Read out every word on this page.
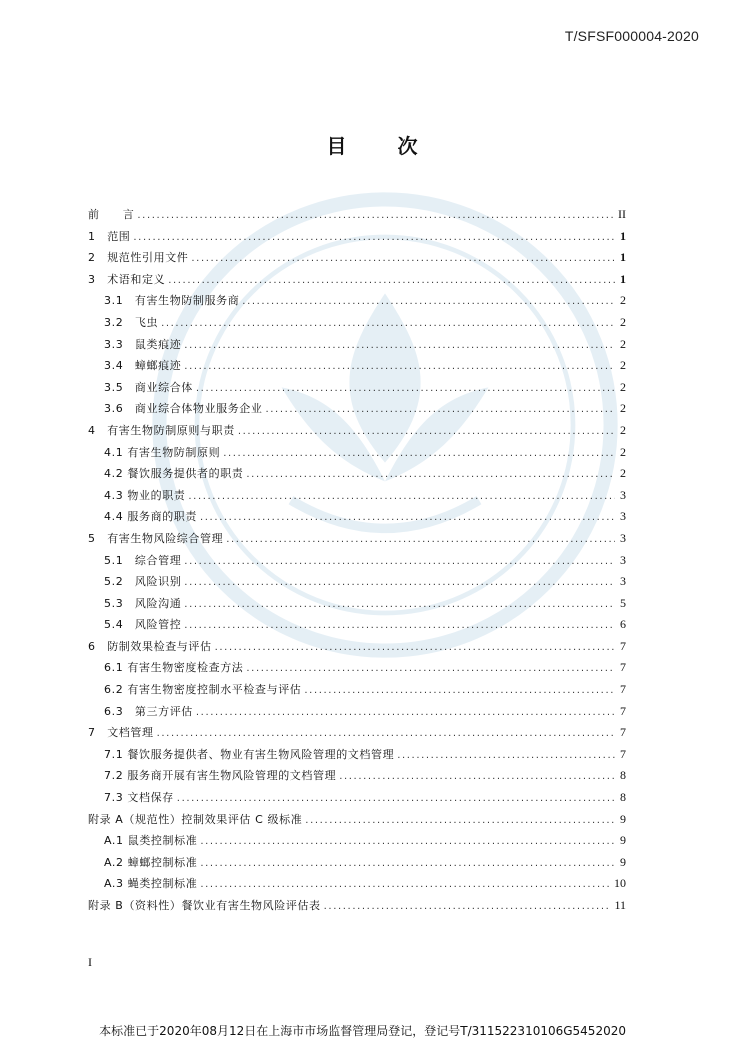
T/SFSF000004-2020
目 次
前　　言 .....	II
1　范围 .....	1
2　规范性引用文件 .....	1
3　术语和定义 .....	1
3.1　有害生物防制服务商 .....	2
3.2　飞虫 .....	2
3.3　鼠类痕迹 .....	2
3.4　蟑螂痕迹 .....	2
3.5　商业综合体 .....	2
3.6　商业综合体物业服务企业 .....	2
4　有害生物防制原则与职责 .....	2
4.1 有害生物防制原则 .....	2
4.2 餐饮服务提供者的职责 .....	2
4.3 物业的职责 .....	3
4.4 服务商的职责 .....	3
5　有害生物风险综合管理 .....	3
5.1　综合管理 .....	3
5.2　风险识别 .....	3
5.3　风险沟通 .....	5
5.4　风险管控 .....	6
6　防制效果检查与评估 .....	7
6.1 有害生物密度检查方法 .....	7
6.2 有害生物密度控制水平检查与评估 .....	7
6.3　第三方评估 .....	7
7　文档管理 .....	7
7.1 餐饮服务提供者、物业有害生物风险管理的文档管理 .....	7
7.2 服务商开展有害生物风险管理的文档管理 .....	8
7.3 文档保存 .....	8
附录 A（规范性）控制效果评估 C 级标准 .....	9
A.1 鼠类控制标准 .....	9
A.2 蟑螂控制标准 .....	9
A.3 蝇类控制标准 .....	10
附录 B（资料性）餐饮业有害生物风险评估表 .....	11
I
本标准已于2020年08月12日在上海市市场监督管理局登记，登记号T/311522310106G5452020
